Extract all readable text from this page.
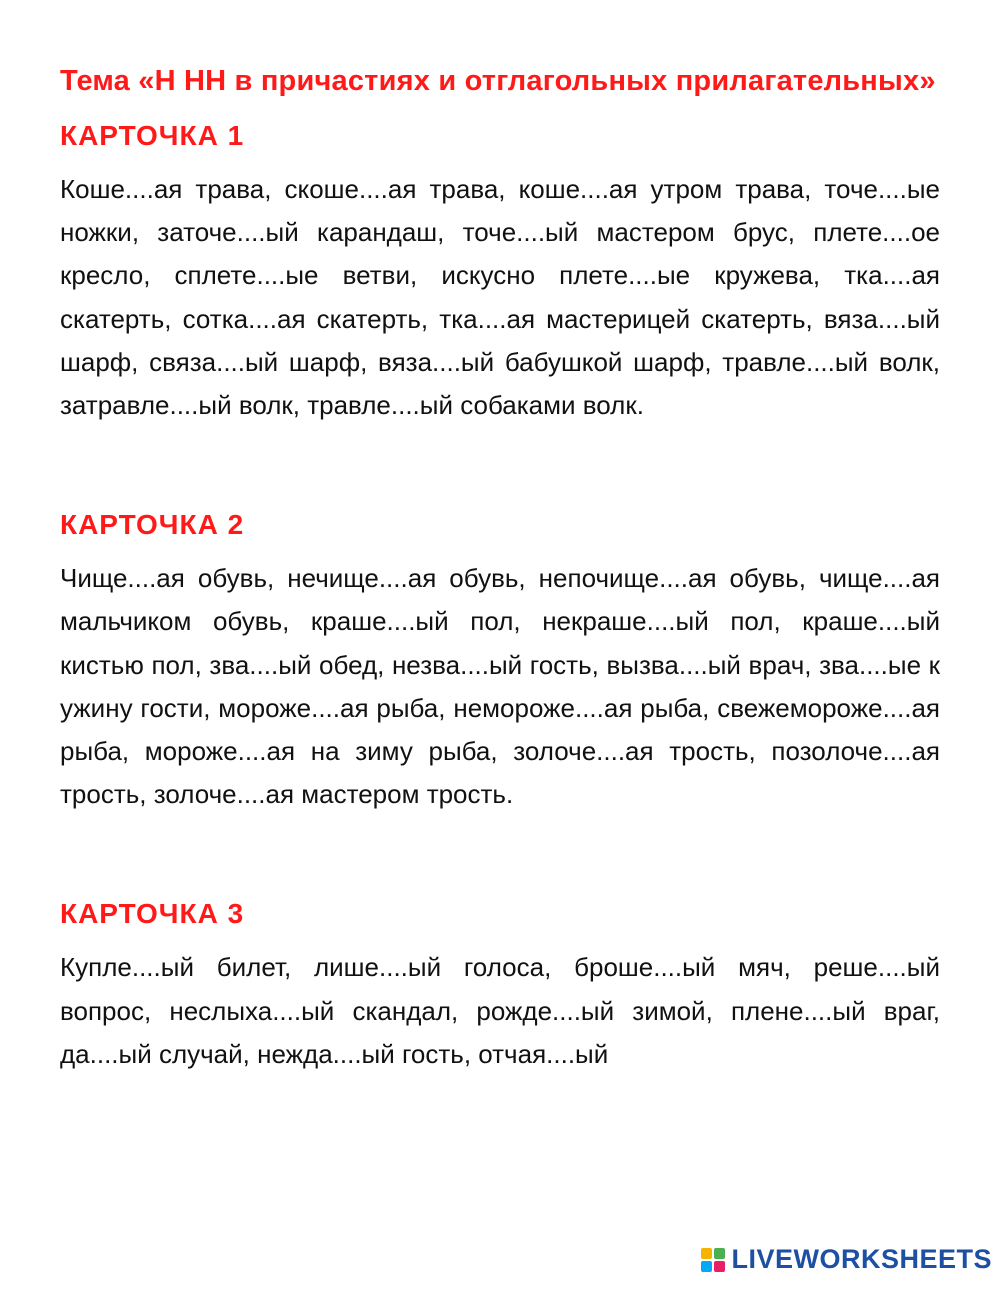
Тема «Н НН в причастиях и отглагольных прилагательных»
КАРТОЧКА 1

Коше....ая трава, скоше....ая трава, коше....ая утром трава, точе....ые ножки, заточе....ый карандаш, точе....ый мастером брус, плете....ое кресло, сплете....ые ветви, искусно плете....ые кружева, тка....ая скатерть, сотка....ая скатерть, тка....ая мастерицей скатерть, вяза....ый шарф, связа....ый шарф, вяза....ый бабушкой шарф, травле....ый волк, затравле....ый волк, травле....ый собаками волк.

КАРТОЧКА 2

Чище....ая обувь, нечище....ая обувь, непочище....ая обувь, чище....ая мальчиком обувь, краше....ый пол, некраше....ый пол, краше....ый кистью пол, зва....ый обед, незва....ый гость, вызва....ый врач, зва....ые к ужину гости, мороже....ая рыба, немороже....ая рыба, свежемороже....ая рыба, мороже....ая на зиму рыба, золоче....ая трость, позолоче....ая трость, золоче....ая мастером трость.

КАРТОЧКА 3

Купле....ый билет, лише....ый голоса, броше....ый мяч, реше....ый вопрос, неслыха....ый скандал, рожде....ый зимой, плене....ый враг, да....ый случай, нежда....ый гость, отчая....ый

LIVEWORKSHEETS
